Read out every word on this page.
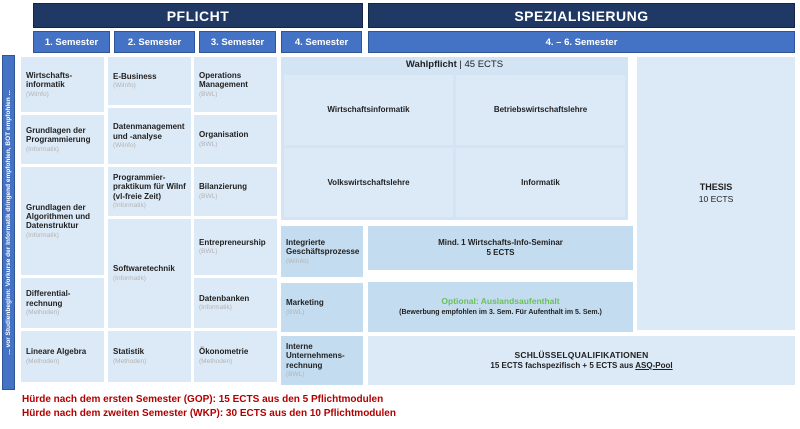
PFLICHT	SPEZIALISIERUNG
1. Semester	2. Semester	3. Semester	4. Semester	4. – 6. Semester
... vor Studienbeginn: Vorkurse der Informatik dringend empfohlen, BOT empfohlen ...
Wirtschafts-informatik
(WiInfo)
Grundlagen der Programmierung
(Informatik)
Grundlagen der Algorithmen und Datenstruktur
(Informatik)
Differential-rechnung
(Methoden)
Lineare Algebra
(Methoden)
E-Business
(WiInfo)
Datenmanagement und -analyse
(WiInfo)
Programmier-praktikum für WiInf (vl-freie Zeit)
(Informatik)
Softwaretechnik
(Informatik)
Statistik
(Methoden)
Operations Management
(BWL)
Organisation
(BWL)
Bilanzierung
(BWL)
Entrepreneurship
(BWL)
Datenbanken
(Informatik)
Ökonometrie
(Methoden)
Integrierte Geschäftsprozesse
(WiInfo)
Marketing
(BWL)
Interne Unternehmens-rechnung
(BWL)
Wahlpflicht | 45 ECTS
Wirtschaftsinformatik	Betriebswirtschaftslehre
Volkswirtschaftslehre	Informatik
Mind. 1 Wirtschafts-Info-Seminar
5 ECTS
Optional: Auslandsaufenthalt
(Bewerbung empfohlen im 3. Sem. Für Aufenthalt im 5. Sem.)
THESIS
10 ECTS
SCHLÜSSELQUALIFIKATIONEN
15 ECTS fachspezifisch + 5 ECTS aus ASQ-Pool
Hürde nach dem ersten Semester (GOP): 15 ECTS aus den 5 Pflichtmodulen
Hürde nach dem zweiten Semester (WKP): 30 ECTS aus den 10 Pflichtmodulen
